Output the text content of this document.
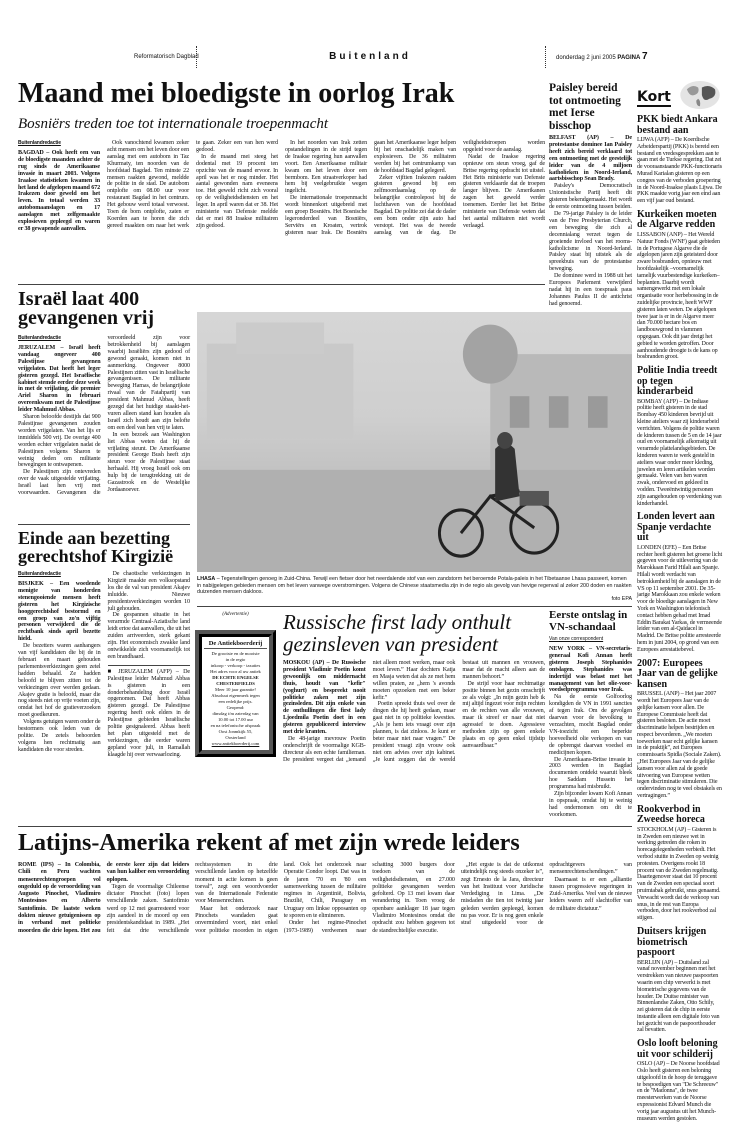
Reformatorisch Dagblad	Buitenland	donderdag 2 juni 2005 PAGINA 7
Maand mei bloedigste in oorlog Irak
Bosniërs treden toe tot internationale troepenmacht
Buitenlandredactie

BAGDAD – Ook heeft een van de bloedigste maanden achter de rug sinds de Amerikaanse invasie in maart 2003. Volgens Iraakse statistieken kwamen in het land de afgelopen maand 672 Irakezen door geweld om het leven. In totaal werden 33 autobomaanslagen en 17 aanslagen met zelfgemaakte explosieven gepleegd en waren er 38 gewapende aanvallen.

Ook vanochtend kwamen zeker acht mensen om het leven door een aanslag met een autobom in Taz Khurmaty, ten noorden van de hoofdstad Bagdad. Ten minste 22 mensen raakten gewond, meldde de politie in de stad. De autobom ontplofte om 08.00 uur voor restaurant Bagdad in het centrum. Het gebouw werd totaal verwoest. Toen de bom ontplofte, zaten er Koerden aan te horen die zich gereed maakten om naar het werk te gaan. Zeker een van hen werd gedood.

In de maand mei steeg het dodental met 19 procent ten opzichte van de maand ervoor. In april was het er nog minder. Het aantal gewonden nam eveneens toe. Het geweld richt zich vooral op de veiligheidsdiensten en het leger. In april waren dat er 38. Het ministerie van Defensie meldde dat er mei 88 Iraakse militairen zijn gedood.

In het noorden van Irak zetten opstandelingen in de strijd tegen de Iraakse regering hun aanvallen voort. Een Amerikaanse militair kwam om het leven door een bermbom. Een straatverkoper had hem bij veelgebruikte wegen ingelicht.

De internationale troepenmacht wordt binnenkort uitgebreid met een groep Bosniërs. Het Bosnische legeronderdeel van Bosniërs, Serviërs en Kroaten, vertrok gisteren naar Irak. De Bosniërs gaan het Amerikaanse leger helpen bij het onschadelijk maken van explosieven. De 36 militairen werden bij het centrumkamp van de hoofdstad Bagdad gelegerd.

Zeker vijftien Irakezen raakten gisteren gewond bij een zelfmoordaanslag op de belangrijke controlepost bij de luchthaven van de hoofdstad Bagdad. De politie zei dat de dader een bom onder zijn auto had verstopt. Het was de tweede aanslag van de dag. De veiligheidstroepen worden opgeleid voor de aanslag.

Nadat de Iraakse regering opnieuw om steun vroeg, gaf de Britse regering opdracht tot uitstel. Het Brits ministerie van Defensie gisteren verklaarde dat de troepen langer blijven. De Amerikanen zagen het geweld verder toenemen. Eerder liet het Britse ministerie van Defensie weten dat het aantal militairen niet wordt verlaagd.

Paisley bereid tot ontmoeting met Ierse bisschop

BELFAST (AP) – De protestantse dominee Ian Paisley heeft zich bereid verklaard tot een ontmoeting met de geestelijk leider van de 4 miljoen katholieken in Noord-Ierland, aartsbisschop Sean Brady.

Paisley's Democratisch Unionistische Partij heeft dit gisteren bekendgemaakt. Het wordt de eerste ontmoeting tussen beiden.

De 79-jarige Paisley is de leider van de Free Presbyterian Church, een beweging die zich al decennialang verzet tegen de groeiende invloed van het rooms-katholicisme in Noord-Ierland. Paisley staat bij uitstek als de spreekbuis van de protestantse beweging.

De dominee werd in 1988 uit het Europees Parlement verwijderd nadat hij in een toespraak paus Johannes Paulus II de antichrist had genoemd.

Kort
PKK biedt Ankara bestand aan
LIJWA (AFP) – De Koerdische Arbeiderspartij (PKK) is bereid een bestand en vredesgesprekken aan te gaan met de Turkse regering. Dat zei de vooraanstaande PKK-functionaris Murad Karialan gisteren op een congres van de verboden groepering in de Noord-Iraakse plaats Lijwa. De PKK maakte vorig jaar een eind aan een vijf jaar oud bestand.
Kurkeiken moeten de Algarve redden
LISSABON (ANP) – Het Wereld Natuur Fonds (WNF) gaat gebieden in de Portugese Algarve die de afgelopen jaren zijn geteisterd door zware bosbranden, opnieuw met hoofdzakelijk –voornamelijk tamelijk vuurbestendige kurkeiken– beplanten. Daarbij wordt samengewerkt met een lokale organisatie voor herbebossing in de zuidelijke provincie, heeft WWF gisteren laten weten. De afgelopen twee jaar is er in de Algarve meer dan 70.000 hectare bos en landbouwgrond in vlammen opgegaan. Ook dit jaar dreigt het gebied te worden getroffen. Door aanhoudende droogte is de kans op bosbranden groot.
Politie India treedt op tegen kinderarbeid
BOMBAY (AFP) – De Indiase politie heeft gisteren in de stad Bombay 450 kinderen bevrijd uit kleine ateliers waar zij kinderarbeid verrichten. Volgens de politie waren de kinderen tussen de 5 en de 14 jaar oud en voornamelijk afkomstig uit verarmde plattelandsgebieden. De kinderen waren te werk gesteld in ateliers waar onder meer kleding, juwelen en leren artikelen worden gemaakt. Velen van hen waren zwak, ondervoed en gekleed in vodden. Tweeëntwintig personen zijn aangehouden op verdenking van kinderhandel.
Londen levert aan Spanje verdachte uit
LONDEN (EFE) – Een Britse rechter heeft gisteren het groene licht gegeven voor de uitlevering van de Marokkaan Farid Hilali aan Spanje. Hilali wordt verdacht van betrokkenheid bij de aanslagen in de VS op 11 september 2001. De 35-jarige Marokkaan zou enkele weken voor de bloedige aanslagen in New York en Washington telefonisch contact hebben gehad met Imad Eddin Barakat Yarkas, de vermeende leider van een al-Qaidacel in Madrid. De Britse politie arresteerde hem in juni 2004, op grond van een Europees arrestatiebevel.
2007: Europees Jaar van de gelijke kansen
BRUSSEL (ANP) – Het jaar 2007 wordt het Europees Jaar van de gelijke kansen voor allen. De Europese Commissie heeft dat gisteren besloten. De actie moet discriminatie helpen bestrijden en respect bevorderen. „We moeten toewerken naar echt gelijke kansen in de praktijk”, zei Europees commissaris Spidla (Sociale Zaken). „Het Europees Jaar van de gelijke kansen voor allen zal de goede uitvoering van Europese wetten tegen discriminatie stimuleren. Die ondervinden nog te veel obstakels en vertragingen.”
Rookverbod in Zweedse horeca
STOCKHOLM (AP) – Gisteren is in Zweden een nieuwe wet in werking getreden die roken in horecagelegenheden verbiedt. Het verbod stuitte in Zweden op weinig protesten. Overigens rookt 18 procent van de Zweden regelmatig. Daartegenover staat dat 10 procent van de Zweden een speciaal soort pruimtabak gebruikt, snus genaamd. Verwacht wordt dat de verkoop van snus, in de rest van Europa verboden, door het rookverbod zal stijgen.
Duitsers krijgen biometrisch paspoort
BERLIJN (AP) – Duitsland zal vanaf november beginnen met het verstrekken van nieuwe paspoorten waarin een chip verwerkt is met biometrische gegevens van de houder. De Duitse minister van Binnenlandse Zaken, Otto Schily, zei gisteren dat de chip in eerste instantie alleen een digitale foto van het gezicht van de paspoorthouder zal bevatten.
Oslo looft beloning uit voor schilderij
OSLO (AP) – De Noorse hoofdstad Oslo heeft gisteren een beloning uitgeloofd in de hoop de teruggave te bespoedigen van "De Schreeuw" en de "Madonna", de twee meesterwerken van de Noorse expressionist Edvard Munch die vorig jaar augustus uit het Munch-museum werden gestolen.
Israël laat 400 gevangenen vrij
Buitenlandredactie

JERUZALEM – Israël heeft vandaag ongeveer 400 Palestijnse gevangenen vrijgelaten. Dat heeft het leger gisteren gezegd. Het Israëlische kabinet stemde eerder deze week in met de vrijlating, die premier Ariel Sharon in februari overeenkwam met de Palestijnse leider Mahmud Abbas.

Sharon beloofde destijds dat 900 Palestijnse gevangenen zouden worden vrijgelaten. Van het lijs er inmiddels 500 vrij. De overige 400 worden echter vrijgelaten nadat de Palestijnen volgens Sharon te weinig deden om militante bewegingen te ontwapenen.

De Palestijnen zijn ontevreden over de vaak uitgestelde vrijlating. Israël laat hen vrij met voorwaarden. Gevangenen die veroordeeld zijn voor betrokkenheid bij aanslagen waarbij Israëliërs zijn gedood of gewond geraakt, komen niet in aanmerking. Ongeveer 8000 Palestijnen zitten vast in Israëlische gevangenissen. De militante beweging Hamas, de belangrijkste rivaal van de Fatahpartij van president Mahmud Abbas, heeft gezegd dat het huidige staakt-het-vuren alleen stand kan houden als Israël zich houdt aan zijn belofte om een deel van hen vrij te laten.

In een bezoek aan Washington liet Abbas weten dat hij de vrijlating steunt. De Amerikaanse president George Bush heeft zijn steun voor de Palestijnse staat herhaald. Hij vroeg Israël ook om hulp bij de terugtrekking uit de Gazastrook en de Westelijke Jordaanoever.

LHASA – Tegenstellingen genoeg in Zuid-China. Terwijl een fietser door het neerdalende stof van een zandstorm het beroemde Potala-paleis in het Tibetaanse Lhasa passeert, komen in nabijgelegen gebieden mensen om het leven vanwege overstromingen. Volgens de Chinese staatsmedia zijn in de regio als gevolg van hevige regenval al zeker 200 doden en raakten duizenden mensen dakloos.
foto EPA
Einde aan bezetting gerechtshof Kirgizië
Buitenlandredactie

BISJKEK – Een woedende menigte van honderden stenengooiende mensen heeft gisteren het Kirgizische hooggerechtshof bestormd en een groep van zo'n vijftig personen verwijderd die de rechtbank sinds april bezette hield.

De bezetters waren aanhangers van vijf kandidaten die bij de in februari en maart gehouden parlementsverkiezingen geen zetel hadden behaald. Ze hadden beloofd te blijven zitten tot de verkiezingen over werden gedaan. Akajev gratie is beloofd, maar die nog steeds niet op vrije voeten zijn, omdat het hof de gratieverzoeken moet goedkeuren.

Volgens getuigen waren onder de bestormers ook leden van de politie. De zetels behoorden volgens hen rechtmatig aan kandidaten die voor streden.

De chaotische verkiezingen in Kirgizië maakte een volksopstand los die de val van president Akajev inluidde. Nieuwe presidentsverkiezingen worden 10 juli gehouden.

De gespannen situatie in het verarmde Centraal-Aziatische land leidt ertoe dat aanvallers, die uit het zuiden arriveerden, sterk gekant zijn. Het economisch zwakke land ontwikkelde zich voornamelijk tot een brandhaard.

■ JERUZALEM (AFP) – De Palestijnse leider Mahmud Abbas is gisteren in een donderbehandeling door Israël opgenomen. Dat heeft Abbas gisteren gezegd. De Palestijnse regering heeft ook elders in de Palestijnse gebieden Israëlische politie gesignaleerd. Abbas heeft het plan uitgesteld met de verkiezingen, die eerder waren gepland voor juli, in Ramallah klaagde hij over verwaarlozing.

(Advertentie)
De Antiekboerderij
De grootste en de mooiste
in de regio
inkoop - verkoop - taxaties
Het adres voor al uw antiek
DE ECHTE ENGELSE
CHESTERFIELDS
Meer 10 jaar garantie!
Absoluut eigenmerk tegen
een redelijke prijs.
Geopend:
dinsdag t/m zaterdag van
10.00 tot 17.00 uur
en na telefonische afspraak
Oost Jonmkijk 55,
Oosterland
www.antiekboerderij.com
Russische first lady onthult gezinsleven van president

MOSKOU (AP) – De Russische president Vladimir Poetin komt gewoonlijk om middernacht thuis, houdt van "kefir" (yoghurt) en bespreekt nooit politieke zaken met zijn gezinsleden. Dit zijn enkele van de onthullingen die first lady Ljoedmila Poetin doet in een gisteren gepubliceerd interview met drie kranten.

De 48-jarige mevrouw Poetin onderschrijft de voormalige KGB-directeur als een echte familieman. De president vergeet dat „iemand niet alleen moet werken, maar ook moet leven.” Haar dochters Katja en Masja weten dat als ze met hem willen praten, ze „hem 's avonds moeten opzoeken met een beker kefir.”

Poetin spreekt thuis wel over de dingen die hij heeft gedaan, maar gaat niet in op politieke kwesties. „Als je hem iets vraagt over zijn plannen, is dat zinloos. Je kunt er beter maar niet naar vragen.” De president vraagt zijn vrouw ook niet om advies over zijn kabinet. „Je kunt zeggen dat de wereld bestaat uit mannen en vrouwen, maar dat de macht alleen aan de mannen behoort.”

De strijd voor haar rechtmatige positie binnen het gezin omschrijft ze als volgt: „In mijn gezin heb ik mij altijd ingezet voor mijn rechten en de rechten van alle vrouwen, maar ik streef er naar dat niet agressief te doen. Agressieve methoden zijn op geen enkele plaats en op geen enkel tijdstip aanvaardbaar.”

Eerste ontslag in VN-schandaal
Van onze correspondent

NEW YORK – VN-secretaris-generaal Kofi Annan heeft gisteren Joseph Stephanides ontslagen. Stephanides was indertijd was belast met het management van het olie-voor-voedselprogramma voor Irak.

Na de eerste Golfoorlog kondigden de VN in 1991 sancties af tegen Irak. Om de gevolgen daarvan voor de bevolking te verzachten, mocht Bagdad onder VN-toezicht een beperkte hoeveelheid olie verkopen en van de opbrengst daarvan voedsel en medicijnen kopen.

De Amerikaans-Britse invasie in 2003 werden in Bagdad documenten ontdekt waaruit bleek hoe Saddam Hussein het programma had misbruikt.

Zijn bijzonder kwam Kofi Annan in opspraak, omdat hij te weinig had ondernomen om dit te voorkomen.

Latijns-Amerika rekent af met zijn wrede leiders

ROME (IPS) – In Colombia, Chili en Peru wachten mensenrechtengroepen vol ongeduld op de veroordeling van Augusto Pinochet, Vladimiro Montesinos en Alberto Santofimio. De laatste weken dokten nieuwe getuigenissen op in verband met politieke moorden die drie lopen. Het zou de eerste keer zijn dat leiders van hun kaliber een veroordeling oplopen.

Tegen de voormalige Chileense dictator Pinochet (foto) lopen verschillende zaken. Santofimio werd op 12 mei gearresteerd voor zijn aandeel in de moord op een presidentskandidaat in 1989. „Het feit dat drie verschillende rechtssystemen in drie verschillende landen op hetzelfde moment in actie komen is geen toeval”, zegt een woordvoerder van de Internationale Federatie voor Mensenrechten.

Maar het onderzoek naar Pinochets wandaden gaat onverminderd voort, niet enkel voor politieke moorden in eigen land. Ook het onderzoek naar Operatie Condor loopt. Dat was in de jaren '70 en '80 een samenwerking tussen de militaire regimes in Argentinië, Bolivia, Brazilië, Chili, Paraguay en Uruguay om linkse opposanten op te sporen en te elimineren.

Onder het regime-Pinochet (1973-1989) verdwenen naar schatting 3000 burgers door toedoen van de veiligheidsdiensten, en 27.000 politieke gevangenen werden gefolterd. Op 13 mei kwam daar verandering in. Toen vroeg de openbare aanklager 18 jaar tegen Vladimiro Montesinos omdat die opdracht zou hebben gegeven tot de standrechtelijke executie.

„Het ergste is dat de uitkomst uiteindelijk nog steeds onzeker is”, zegt Ernesto de la Jara, directeur van het Instituut voor Juridische Verdediging in Lima. „De misdaden die tien tot twintig jaar geleden werden gepleegd, komen nu pas voor. Er is nog geen enkele straf uitgedeeld voor de opdrachtgevers van mensenrechtenschendingen.”

Daarnaast is er een „alliantie tussen progressieve regeringen in Zuid-Amerika. Veel van de nieuwe leiders waren zelf slachtoffer van de militaire dictatuur.”
